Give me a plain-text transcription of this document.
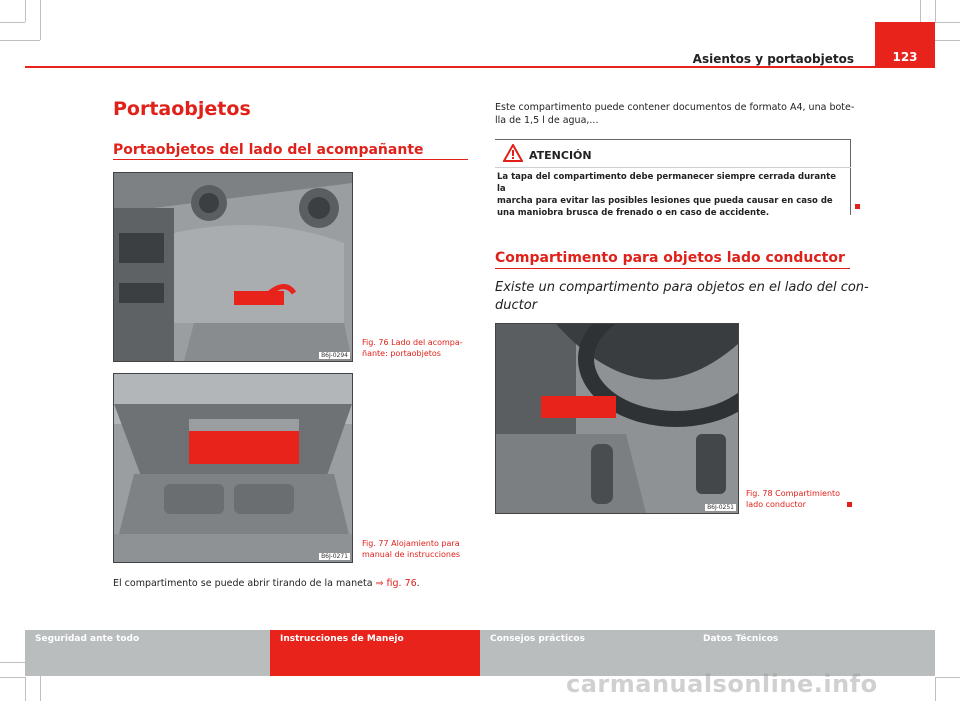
Asientos y portaobjetos	123
Portaobjetos
Portaobjetos del lado del acompañante
B6J-0294
Fig. 76 Lado del acompa-
ñante: portaobjetos
B6J-0271
Fig. 77 Alojamiento para
manual de instrucciones
El compartimento se puede abrir tirando de la maneta ⇒ fig. 76.
Este compartimento puede contener documentos de formato A4, una bote-
lla de 1,5 l de agua,...
ATENCIÓN
La tapa del compartimento debe permanecer siempre cerrada durante la
marcha para evitar las posibles lesiones que pueda causar en caso de
una maniobra brusca de frenado o en caso de accidente.
Compartimento para objetos lado conductor
Existe un compartimento para objetos en el lado del con-
ductor
B6J-0251
Fig. 78 Compartimiento
lado conductor
Seguridad ante todo	Instrucciones de Manejo	Consejos prácticos	Datos Técnicos
carmanualsonline.info
